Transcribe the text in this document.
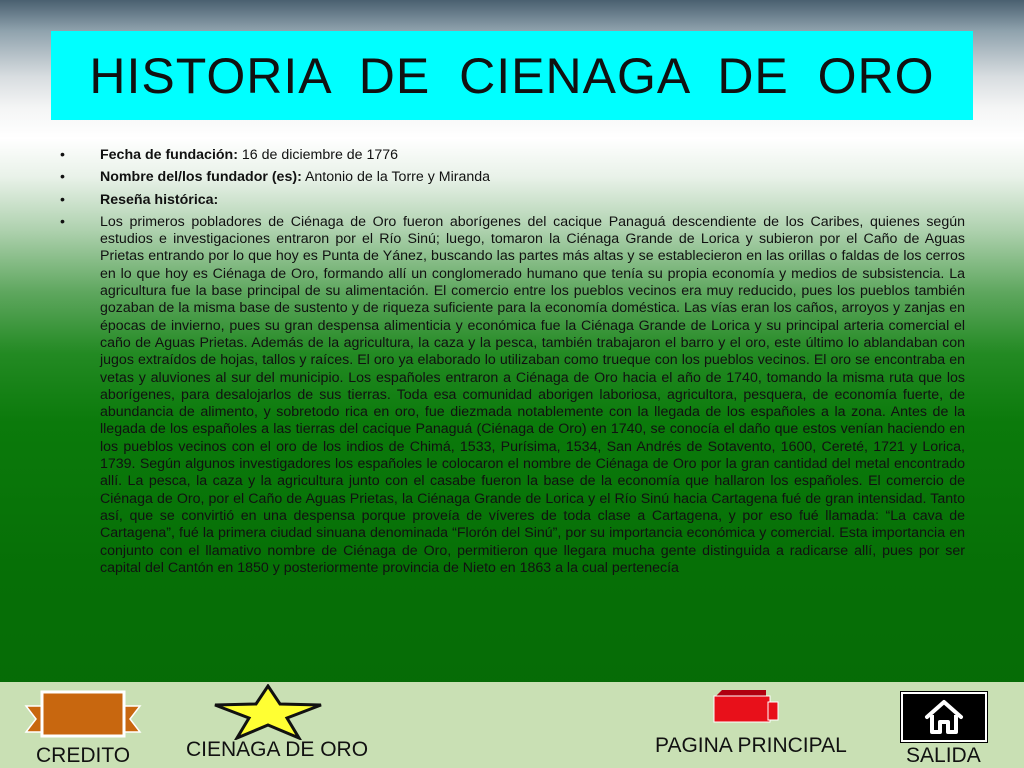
HISTORIA DE CIENAGA DE ORO
• Fecha de fundación: 16 de diciembre de 1776
• Nombre del/los fundador (es): Antonio de la Torre y Miranda
• Reseña histórica:
• Los primeros pobladores de Ciénaga de Oro fueron aborígenes del cacique Panaguá descendiente de los Caribes, quienes según estudios e investigaciones entraron por el Río Sinú; luego, tomaron la Ciénaga Grande de Lorica y subieron por el Caño de Aguas Prietas entrando por lo que hoy es Punta de Yánez, buscando las partes más altas y se establecieron en las orillas o faldas de los cerros en lo que hoy es Ciénaga de Oro, formando allí un conglomerado humano que tenía su propia economía y medios de subsistencia. La agricultura fue la base principal de su alimentación. El comercio entre los pueblos vecinos era muy reducido, pues los pueblos también gozaban de la misma base de sustento y de riqueza suficiente para la economía doméstica. Las vías eran los caños, arroyos y zanjas en épocas de invierno, pues su gran despensa alimenticia y económica fue la Ciénaga Grande de Lorica y su principal arteria comercial el caño de Aguas Prietas. Además de la agricultura, la caza y la pesca, también trabajaron el barro y el oro, este último lo ablandaban con jugos extraídos de hojas, tallos y raíces. El oro ya elaborado lo utilizaban como trueque con los pueblos vecinos. El oro se encontraba en vetas y aluviones al sur del municipio. Los españoles entraron a Ciénaga de Oro hacia el año de 1740, tomando la misma ruta que los aborígenes, para desalojarlos de sus tierras. Toda esa comunidad aborigen laboriosa, agricultora, pesquera, de economía fuerte, de abundancia de alimento, y sobretodo rica en oro, fue diezmada notablemente con la llegada de los españoles a la zona. Antes de la llegada de los españoles a las tierras del cacique Panaguá (Ciénaga de Oro) en 1740, se conocía el daño que estos venían haciendo en los pueblos vecinos con el oro de los indios de Chimá, 1533, Purísima, 1534, San Andrés de Sotavento, 1600, Cereté, 1721 y Lorica, 1739. Según algunos investigadores los españoles le colocaron el nombre de Ciénaga de Oro por la gran cantidad del metal encontrado allí. La pesca, la caza y la agricultura junto con el casabe fueron la base de la economía que hallaron los españoles. El comercio de Ciénaga de Oro, por el Caño de Aguas Prietas, la Ciénaga Grande de Lorica y el Río Sinú hacia Cartagena fué de gran intensidad. Tanto así, que se convirtió en una despensa porque proveía de víveres de toda clase a Cartagena, y por eso fué llamada: “La cava de Cartagena”, fué la primera ciudad sinuana denominada “Florón del Sinú”, por su importancia económica y comercial. Esta importancia en conjunto con el llamativo nombre de Ciénaga de Oro, permitieron que llegara mucha gente distinguida a radicarse allí, pues por ser capital del Cantón en 1850 y posteriormente provincia de Nieto en 1863 a la cual pertenecía
CREDITO	CIENAGA DE ORO	PAGINA PRINCIPAL	SALIDA
